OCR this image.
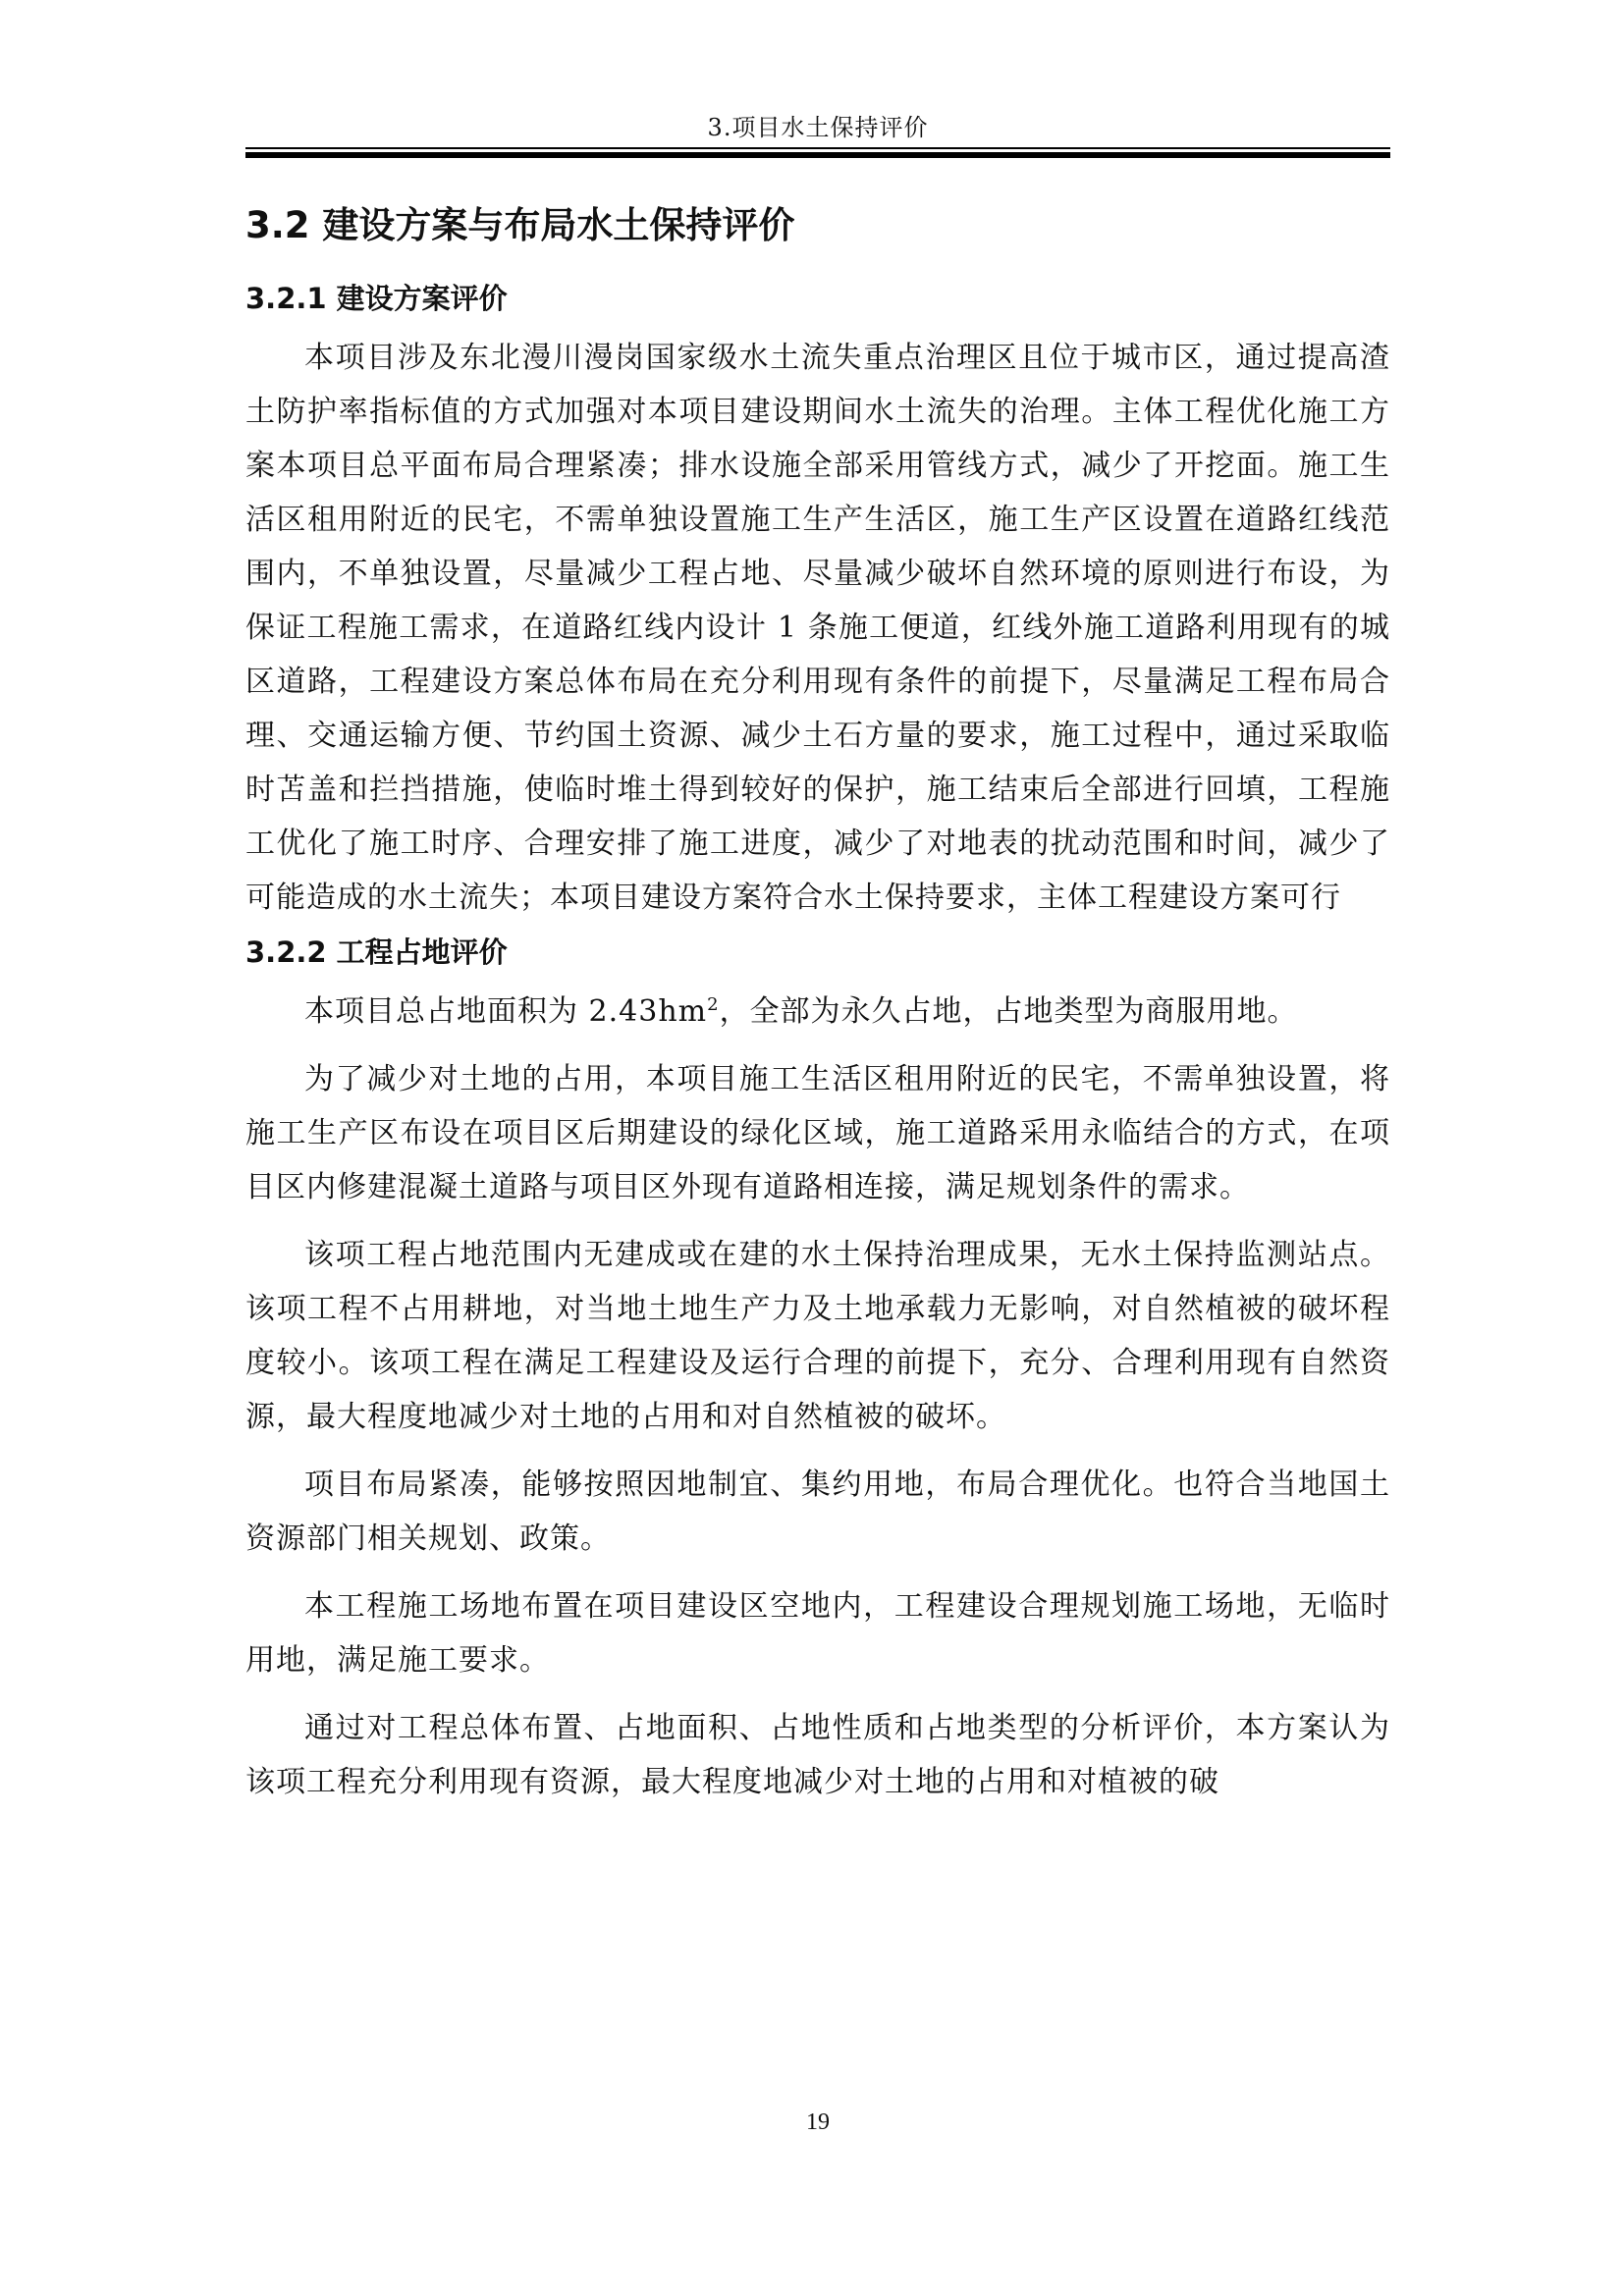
3.项目水土保持评价
3.2 建设方案与布局水土保持评价
3.2.1 建设方案评价

本项目涉及东北漫川漫岗国家级水土流失重点治理区且位于城市区，通过提高渣土防护率指标值的方式加强对本项目建设期间水土流失的治理。主体工程优化施工方案本项目总平面布局合理紧凑；排水设施全部采用管线方式，减少了开挖面。施工生活区租用附近的民宅，不需单独设置施工生产生活区，施工生产区设置在道路红线范围内，不单独设置，尽量减少工程占地、尽量减少破坏自然环境的原则进行布设，为保证工程施工需求，在道路红线内设计 1 条施工便道，红线外施工道路利用现有的城区道路，工程建设方案总体布局在充分利用现有条件的前提下，尽量满足工程布局合理、交通运输方便、节约国土资源、减少土石方量的要求，施工过程中，通过采取临时苫盖和拦挡措施，使临时堆土得到较好的保护，施工结束后全部进行回填，工程施工优化了施工时序、合理安排了施工进度，减少了对地表的扰动范围和时间，减少了可能造成的水土流失；本项目建设方案符合水土保持要求，主体工程建设方案可行

3.2.2 工程占地评价

本项目总占地面积为 $2.43hm^2$，全部为永久占地，占地类型为商服用地。

为了减少对土地的占用，本项目施工生活区租用附近的民宅，不需单独设置，将施工生产区布设在项目区后期建设的绿化区域，施工道路采用永临结合的方式，在项目区内修建混凝土道路与项目区外现有道路相连接，满足规划条件的需求。

该项工程占地范围内无建成或在建的水土保持治理成果，无水土保持监测站点。该项工程不占用耕地，对当地土地生产力及土地承载力无影响，对自然植被的破坏程度较小。该项工程在满足工程建设及运行合理的前提下，充分、合理利用现有自然资源，最大程度地减少对土地的占用和对自然植被的破坏。

项目布局紧凑，能够按照因地制宜、集约用地，布局合理优化。也符合当地国土资源部门相关规划、政策。

本工程施工场地布置在项目建设区空地内，工程建设合理规划施工场地，无临时用地，满足施工要求。

通过对工程总体布置、占地面积、占地性质和占地类型的分析评价，本方案认为该项工程充分利用现有资源，最大程度地减少对土地的占用和对植被的破

19
